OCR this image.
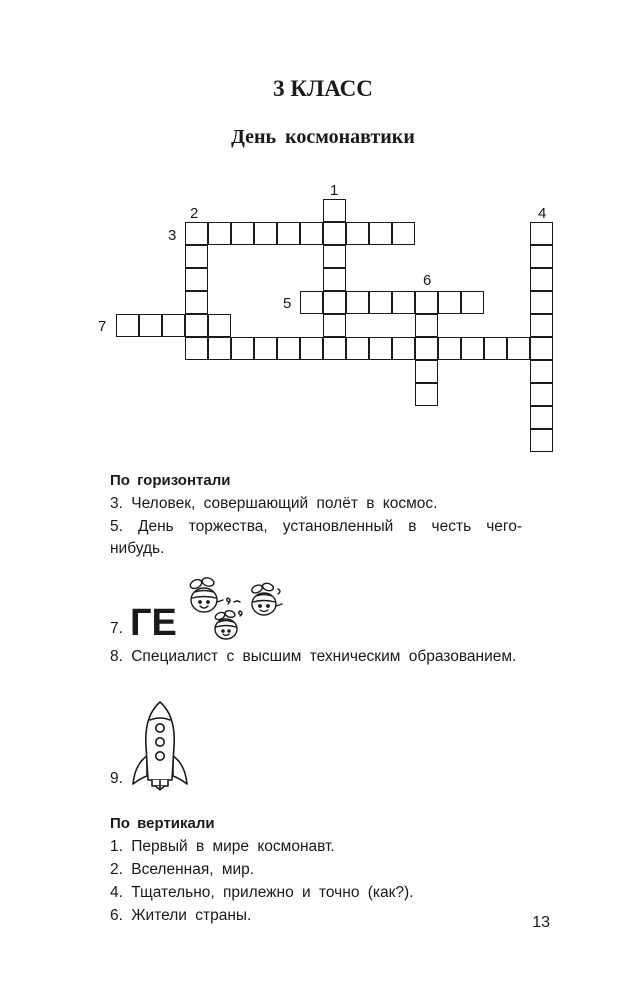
3 КЛАСС
День космонавтики
1
2
3
4
5
6
7
По горизонтали
3. Человек, совершающий полёт в космос.
5. День торжества, установленный в честь чего-нибудь.
7. ГЕ
8. Специалист с высшим техническим образованием.
9.
По вертикали
1. Первый в мире космонавт.
2. Вселенная, мир.
4. Тщательно, прилежно и точно (как?).
6. Жители страны.	13
